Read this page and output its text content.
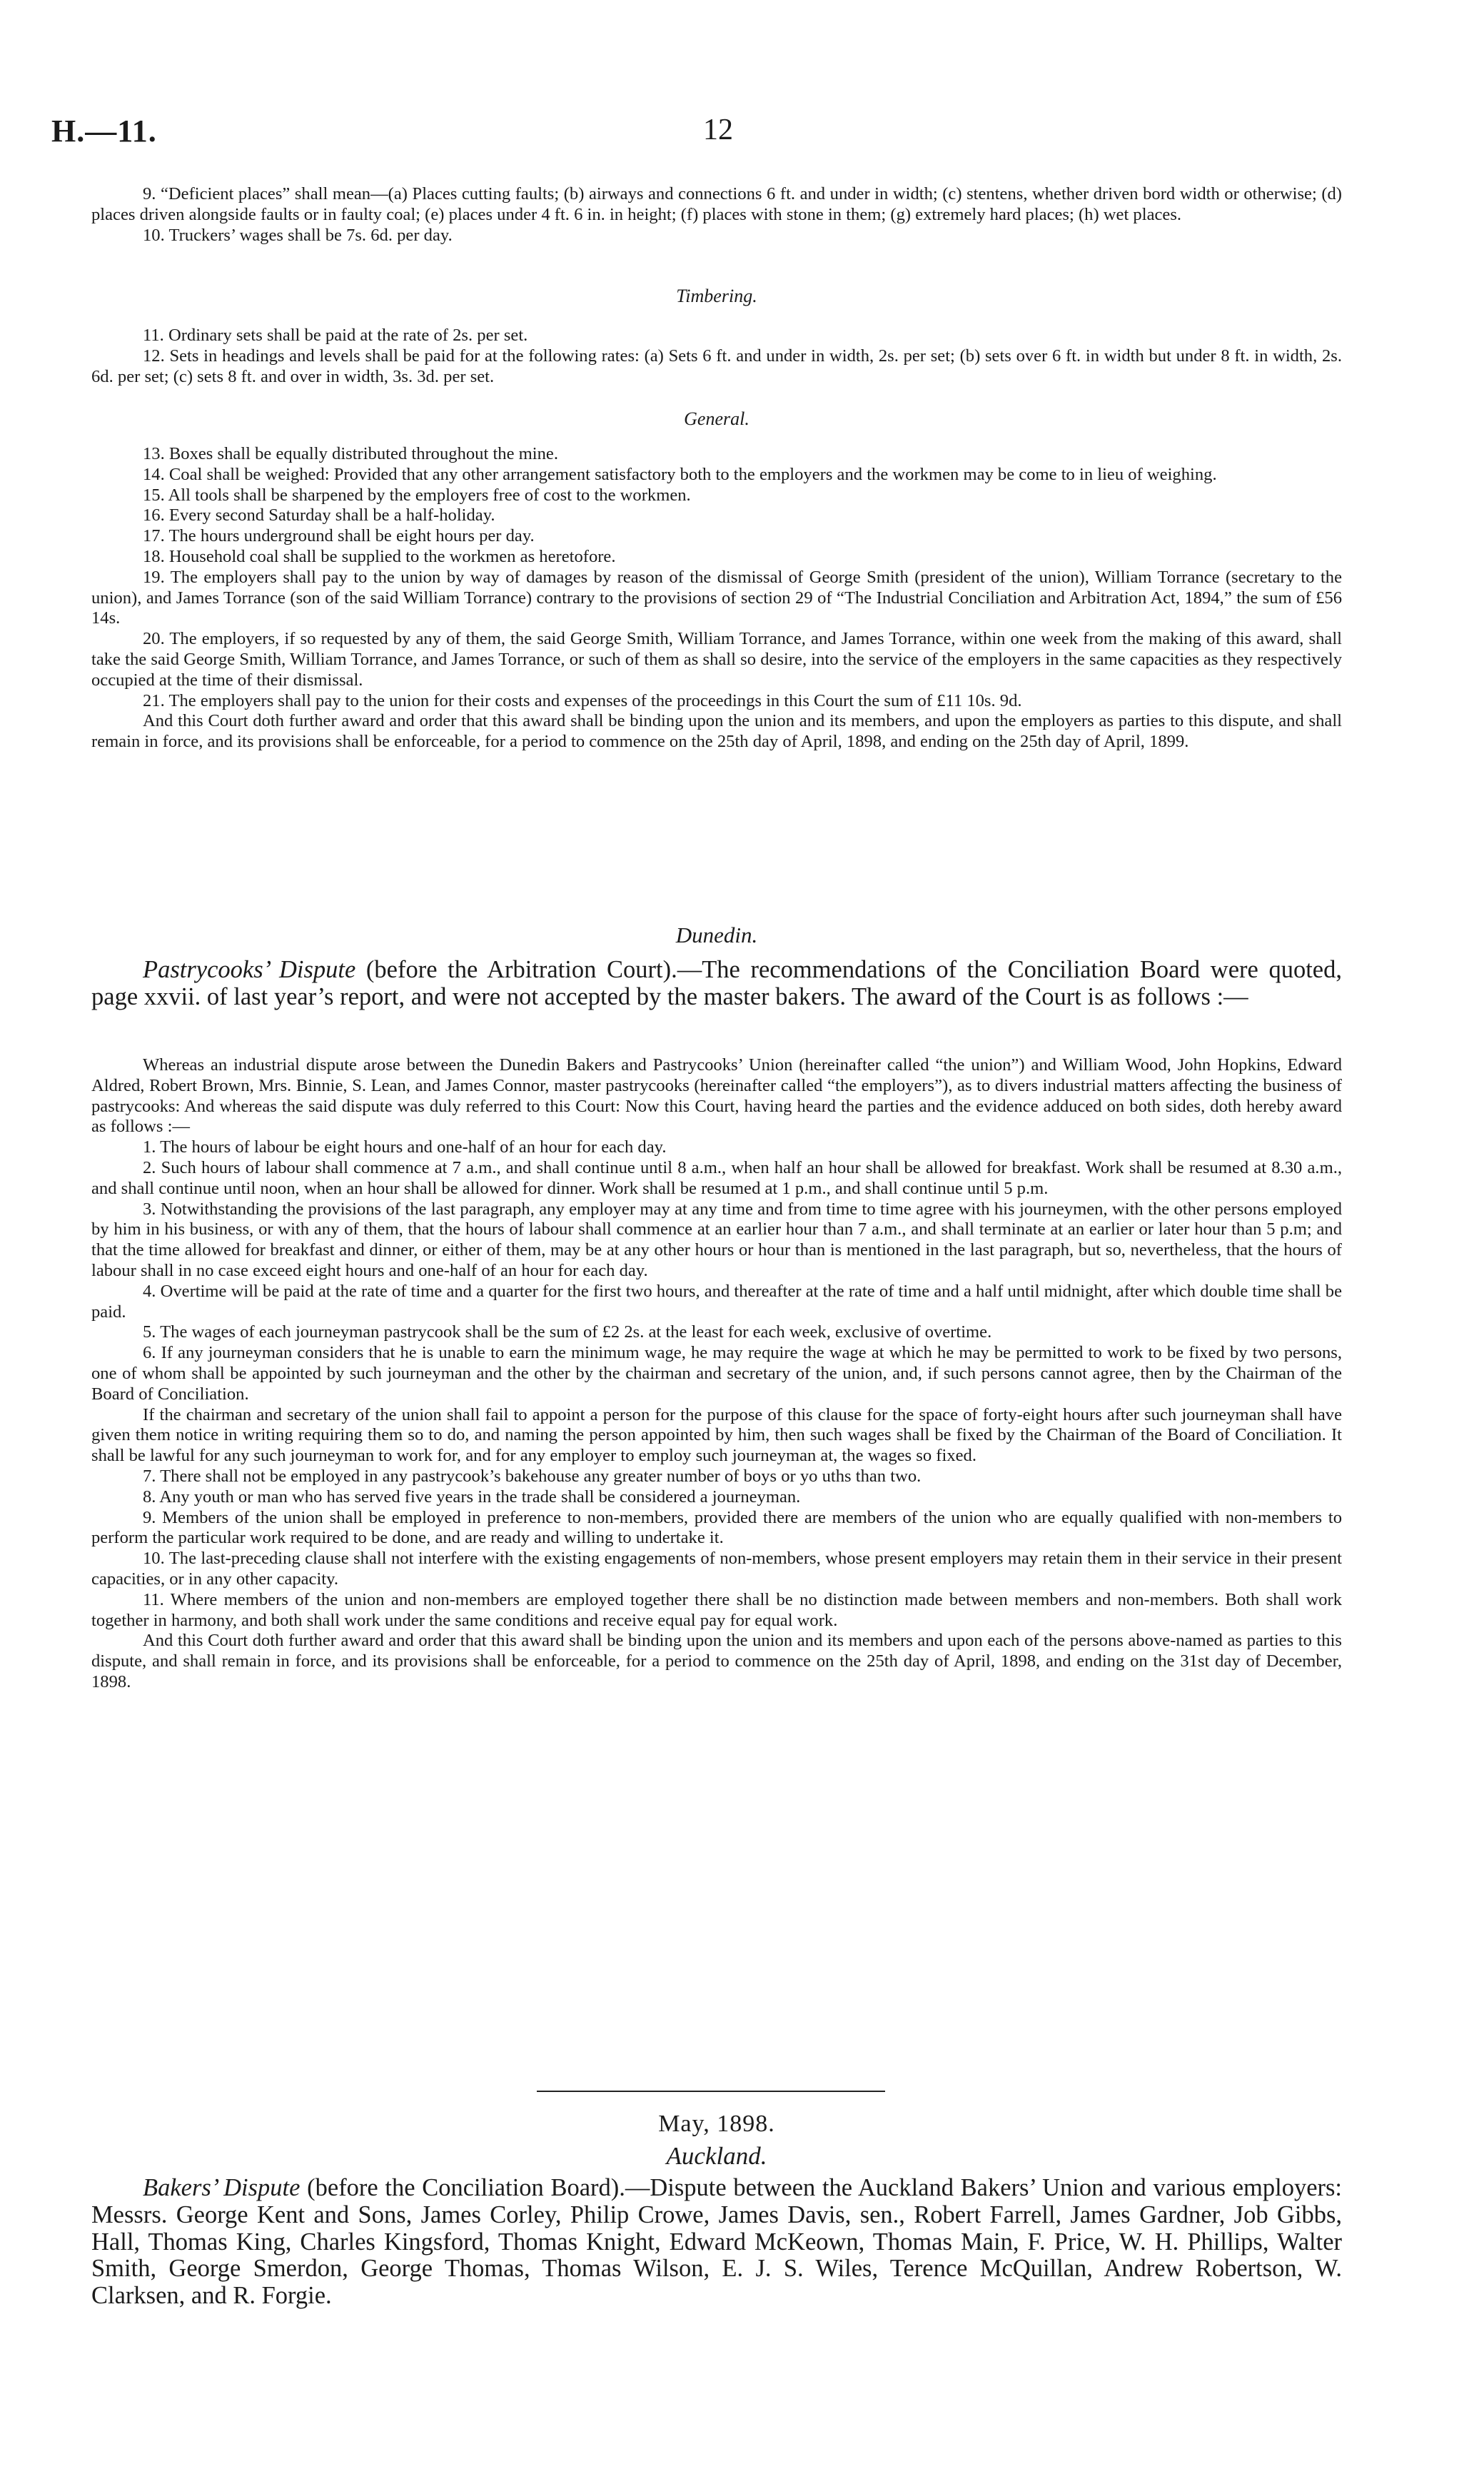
H.—11.	12

9. “Deficient places” shall mean—(a) Places cutting faults; (b) airways and connections 6 ft. and under in width; (c) stentens, whether driven bord width or otherwise; (d) places driven alongside faults or in faulty coal; (e) places under 4 ft. 6 in. in height; (f) places with stone in them; (g) extremely hard places; (h) wet places.

10. Truckers’ wages shall be 7s. 6d. per day.

Timbering.

11. Ordinary sets shall be paid at the rate of 2s. per set.

12. Sets in headings and levels shall be paid for at the following rates: (a) Sets 6 ft. and under in width, 2s. per set; (b) sets over 6 ft. in width but under 8 ft. in width, 2s. 6d. per set; (c) sets 8 ft. and over in width, 3s. 3d. per set.

General.

13. Boxes shall be equally distributed throughout the mine.

14. Coal shall be weighed: Provided that any other arrangement satisfactory both to the employers and the workmen may be come to in lieu of weighing.

15. All tools shall be sharpened by the employers free of cost to the workmen.

16. Every second Saturday shall be a half-holiday.

17. The hours underground shall be eight hours per day.

18. Household coal shall be supplied to the workmen as heretofore.

19. The employers shall pay to the union by way of damages by reason of the dismissal of George Smith (president of the union), William Torrance (secretary to the union), and James Torrance (son of the said William Torrance) contrary to the provisions of section 29 of “The Industrial Conciliation and Arbitration Act, 1894,” the sum of £56 14s.

20. The employers, if so requested by any of them, the said George Smith, William Torrance, and James Torrance, within one week from the making of this award, shall take the said George Smith, William Torrance, and James Torrance, or such of them as shall so desire, into the service of the employers in the same capacities as they respectively occupied at the time of their dismissal.

21. The employers shall pay to the union for their costs and expenses of the proceedings in this Court the sum of £11 10s. 9d.

And this Court doth further award and order that this award shall be binding upon the union and its members, and upon the employers as parties to this dispute, and shall remain in force, and its provisions shall be enforceable, for a period to commence on the 25th day of April, 1898, and ending on the 25th day of April, 1899.

Dunedin.

Pastrycooks’ Dispute (before the Arbitration Court).—The recommendations of the Conciliation Board were quoted, page xxvii. of last year’s report, and were not accepted by the master bakers. The award of the Court is as follows :—

Whereas an industrial dispute arose between the Dunedin Bakers and Pastrycooks’ Union (hereinafter called “the union”) and William Wood, John Hopkins, Edward Aldred, Robert Brown, Mrs. Binnie, S. Lean, and James Connor, master pastrycooks (hereinafter called “the employers”), as to divers industrial matters affecting the business of pastrycooks: And whereas the said dispute was duly referred to this Court: Now this Court, having heard the parties and the evidence adduced on both sides, doth hereby award as follows :—

1. The hours of labour be eight hours and one-half of an hour for each day.

2. Such hours of labour shall commence at 7 a.m., and shall continue until 8 a.m., when half an hour shall be allowed for breakfast. Work shall be resumed at 8.30 a.m., and shall continue until noon, when an hour shall be allowed for dinner. Work shall be resumed at 1 p.m., and shall continue until 5 p.m.

3. Notwithstanding the provisions of the last paragraph, any employer may at any time and from time to time agree with his journeymen, with the other persons employed by him in his business, or with any of them, that the hours of labour shall commence at an earlier hour than 7 a.m., and shall terminate at an earlier or later hour than 5 p.m; and that the time allowed for breakfast and dinner, or either of them, may be at any other hours or hour than is mentioned in the last paragraph, but so, nevertheless, that the hours of labour shall in no case exceed eight hours and one-half of an hour for each day.

4. Overtime will be paid at the rate of time and a quarter for the first two hours, and thereafter at the rate of time and a half until midnight, after which double time shall be paid.

5. The wages of each journeyman pastrycook shall be the sum of £2 2s. at the least for each week, exclusive of overtime.

6. If any journeyman considers that he is unable to earn the minimum wage, he may require the wage at which he may be permitted to work to be fixed by two persons, one of whom shall be appointed by such journeyman and the other by the chairman and secretary of the union, and, if such persons cannot agree, then by the Chairman of the Board of Conciliation.

If the chairman and secretary of the union shall fail to appoint a person for the purpose of this clause for the space of forty-eight hours after such journeyman shall have given them notice in writing requiring them so to do, and naming the person appointed by him, then such wages shall be fixed by the Chairman of the Board of Conciliation. It shall be lawful for any such journeyman to work for, and for any employer to employ such journeyman at, the wages so fixed.

7. There shall not be employed in any pastrycook’s bakehouse any greater number of boys or yo uths than two.

8. Any youth or man who has served five years in the trade shall be considered a journeyman.

9. Members of the union shall be employed in preference to non-members, provided there are members of the union who are equally qualified with non-members to perform the particular work required to be done, and are ready and willing to undertake it.

10. The last-preceding clause shall not interfere with the existing engagements of non-members, whose present employers may retain them in their service in their present capacities, or in any other capacity.

11. Where members of the union and non-members are employed together there shall be no distinction made between members and non-members. Both shall work together in harmony, and both shall work under the same conditions and receive equal pay for equal work.

And this Court doth further award and order that this award shall be binding upon the union and its members and upon each of the persons above-named as parties to this dispute, and shall remain in force, and its provisions shall be enforceable, for a period to commence on the 25th day of April, 1898, and ending on the 31st day of December, 1898.

May, 1898.

Auckland.

Bakers’ Dispute (before the Conciliation Board).—Dispute between the Auckland Bakers’ Union and various employers: Messrs. George Kent and Sons, James Corley, Philip Crowe, James Davis, sen., Robert Farrell, James Gardner, Job Gibbs, Hall, Thomas King, Charles Kingsford, Thomas Knight, Edward McKeown, Thomas Main, F. Price, W. H. Phillips, Walter Smith, George Smerdon, George Thomas, Thomas Wilson, E. J. S. Wiles, Terence McQuillan, Andrew Robertson, W. Clarksen, and R. Forgie.
